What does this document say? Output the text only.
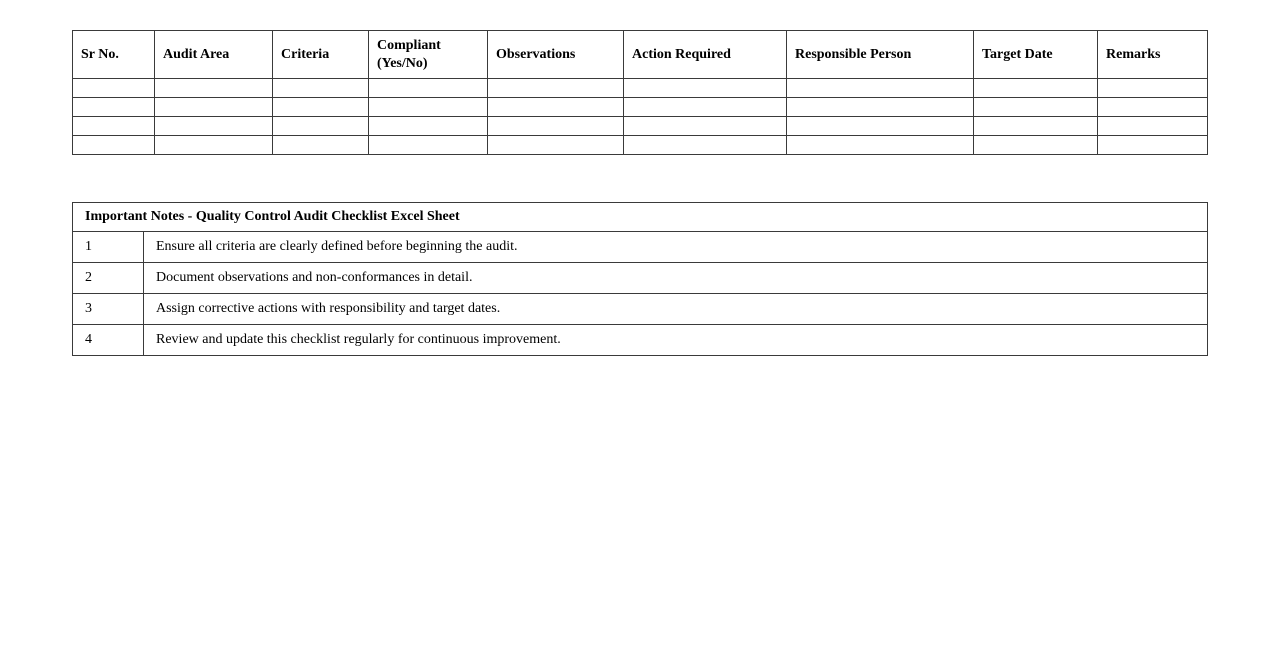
Sr No.	Audit Area	Criteria	Compliant (Yes/No)	Observations	Action Required	Responsible Person	Target Date	Remarks

Important Notes - Quality Control Audit Checklist Excel Sheet	
1	Ensure all criteria are clearly defined before beginning the audit.
2	Document observations and non-conformances in detail.
3	Assign corrective actions with responsibility and target dates.
4	Review and update this checklist regularly for continuous improvement.
